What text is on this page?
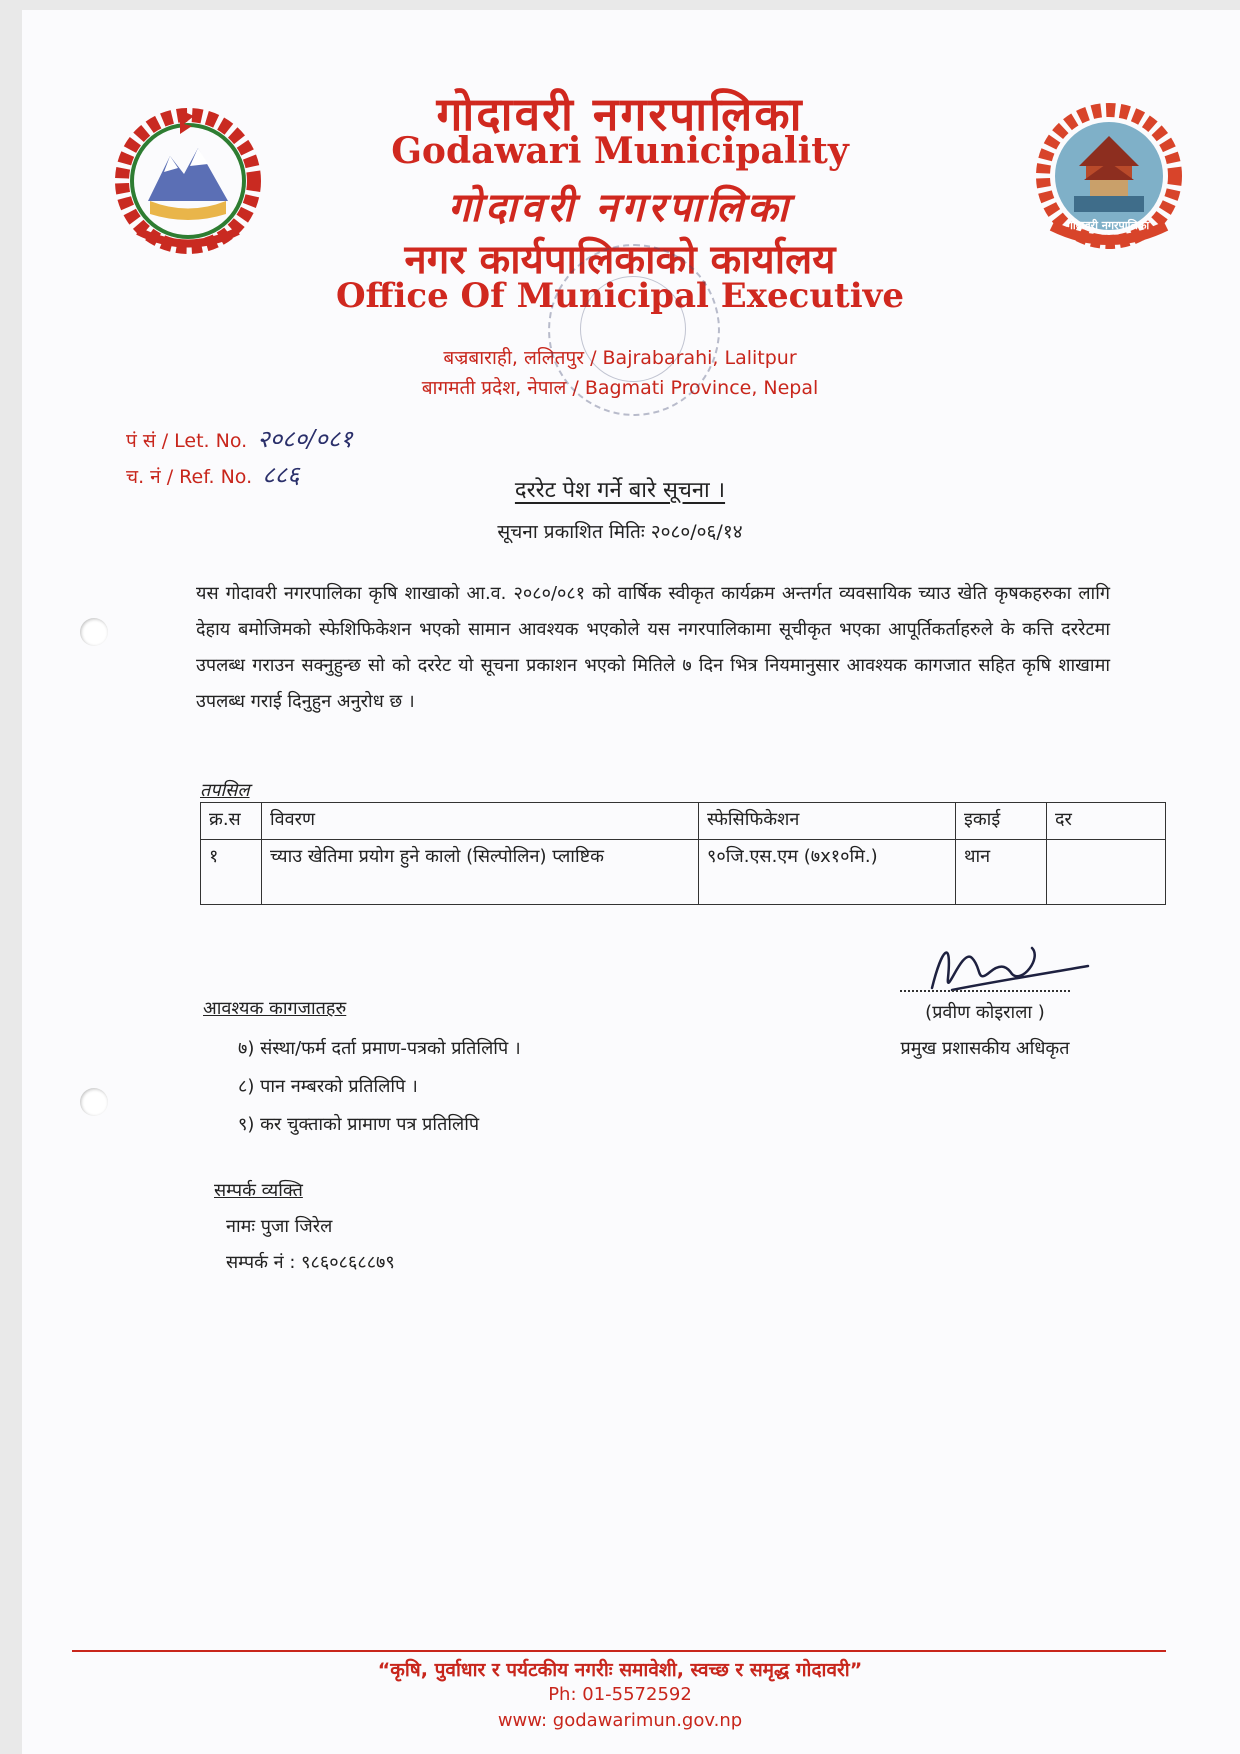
गोदावरी नगरपालिका
गोदावरी नगरपालिका
Godawari Municipality
गोदावरी नगरपालिका
नगर कार्यपालिकाको कार्यालय
Office Of Municipal Executive
बज्रबाराही, ललितपुर / Bajrabarahi, Lalitpur
बागमती प्रदेश, नेपाल / Bagmati Province, Nepal
पं सं / Let. No. २०८०/०८१
च. नं / Ref. No. ८८६
दररेट पेश गर्ने बारे सूचना ।
सूचना प्रकाशित मितिः २०८०/०६/१४
यस गोदावरी नगरपालिका कृषि शाखाको आ.व. २०८०/०८१ को वार्षिक स्वीकृत कार्यक्रम अन्तर्गत व्यवसायिक च्याउ खेति कृषकहरुका लागि देहाय बमोजिमको स्फेशिफिकेशन भएको सामान आवश्यक भएकोले यस नगरपालिकामा सूचीकृत भएका आपूर्तिकर्ताहरुले के कत्ति दररेटमा उपलब्ध गराउन सक्नुहुन्छ सो को दररेट यो सूचना प्रकाशन भएको मितिले ७ दिन भित्र नियमानुसार आवश्यक कागजात सहित कृषि शाखामा उपलब्ध गराई दिनुहुन अनुरोध छ ।
तपसिल
क्र.स	विवरण	स्फेसिफिकेशन	इकाई	दर
१	च्याउ खेतिमा प्रयोग हुने कालो (सिल्पोलिन) प्लाष्टिक	९०जि.एस.एम (७x१०मि.)	थान	
(प्रवीण कोइराला )
प्रमुख प्रशासकीय अधिकृत
आवश्यक कागजातहरु
७) संस्था/फर्म दर्ता प्रमाण-पत्रको प्रतिलिपि ।
८) पान नम्बरको प्रतिलिपि ।
९) कर चुक्ताको प्रामाण पत्र प्रतिलिपि
सम्पर्क व्यक्ति
नामः पुजा जिरेल
सम्पर्क नं : ९८६०८६८८७९
“कृषि, पुर्वाधार र पर्यटकीय नगरीः समावेशी, स्वच्छ र समृद्ध गोदावरी”
Ph: 01-5572592
www: godawarimun.gov.np
